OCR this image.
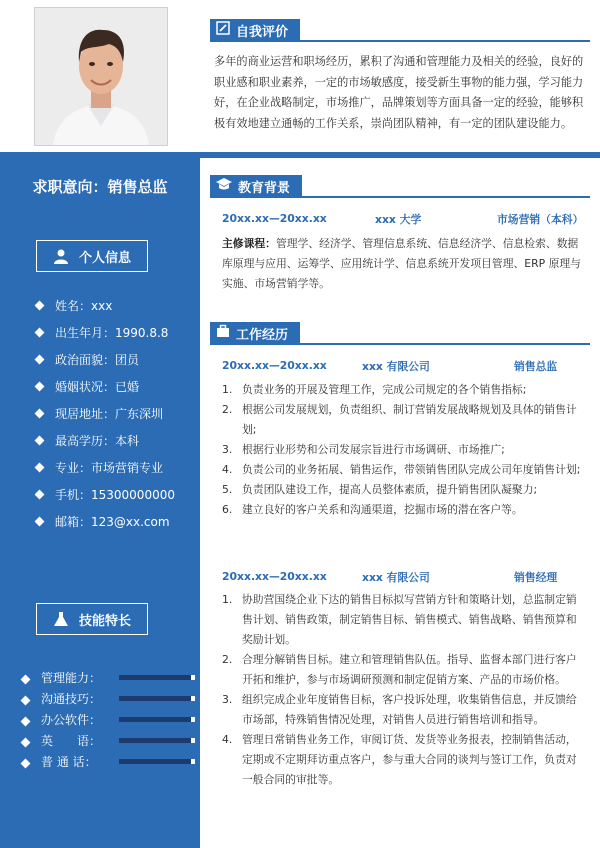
求职意向：销售总监
个人信息
姓名：xxx
出生年月：1990.8.8
政治面貌：团员
婚姻状况：已婚
现居地址：广东深圳
最高学历：本科
专业：市场营销专业
手机：15300000000
邮箱：123@xx.com
技能特长
管理能力：
沟通技巧：
办公软件：
英　　语：
普 通 话：
自我评价
多年的商业运营和职场经历，累积了沟通和管理能力及相关的经验，良好的职业感和职业素养，一定的市场敏感度，接受新生事物的能力强，学习能力好，在企业战略制定，市场推广，品牌策划等方面具备一定的经验，能够积极有效地建立通畅的工作关系，崇尚团队精神，有一定的团队建设能力。
教育背景
20xx.xx—20xx.xx	xxx 大学	市场营销（本科）
主修课程：管理学、经济学、管理信息系统、信息经济学、信息检索、数据库原理与应用、运筹学、应用统计学、信息系统开发项目管理、ERP 原理与实施、市场营销学等。
工作经历
20xx.xx—20xx.xx	xxx 有限公司	销售总监
1. 负责业务的开展及管理工作，完成公司规定的各个销售指标;
2. 根据公司发展规划，负责组织、制订营销发展战略规划及具体的销售计划;
3. 根据行业形势和公司发展宗旨进行市场调研、市场推广;
4. 负责公司的业务拓展、销售运作，带领销售团队完成公司年度销售计划;
5. 负责团队建设工作，提高人员整体素质，提升销售团队凝聚力;
6. 建立良好的客户关系和沟通渠道，挖掘市场的潜在客户等。
20xx.xx—20xx.xx	xxx 有限公司	销售经理
1. 协助营国绕企业下达的销售目标拟写营销方针和策略计划，总监制定销售计划、销售政策，制定销售目标、销售模式、销售战略、销售预算和奖励计划。
2. 合理分解销售目标。建立和管理销售队伍。指导、监督本部门进行客户开拓和维护，参与市场调研预测和制定促销方案、产品的市场价格。
3. 组织完成企业年度销售目标，客户投诉处理，收集销售信息，并反馈给市场部，特殊销售情况处理，对销售人员进行销售培训和指导。
4. 管理日常销售业务工作，审阅订货、发货等业务报表，控制销售活动，定期或不定期拜访重点客户，参与重大合同的谈判与签订工作，负责对一般合同的审批等。
